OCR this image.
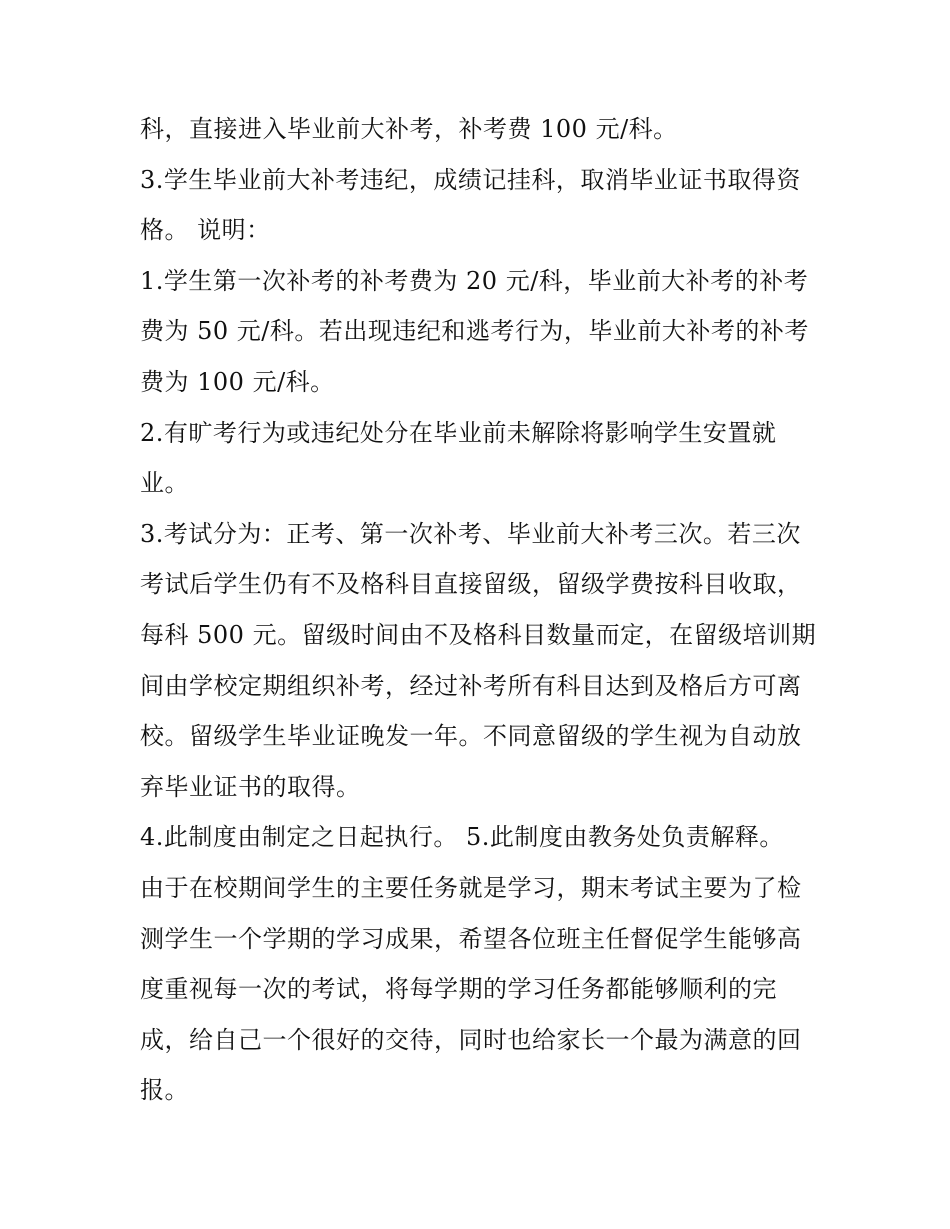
科，直接进入毕业前大补考，补考费 100 元/科。
3.学生毕业前大补考违纪，成绩记挂科，取消毕业证书取得资
格。 说明：
1.学生第一次补考的补考费为 20 元/科，毕业前大补考的补考
费为 50 元/科。若出现违纪和逃考行为，毕业前大补考的补考
费为 100 元/科。
2.有旷考行为或违纪处分在毕业前未解除将影响学生安置就
业。
3.考试分为：正考、第一次补考、毕业前大补考三次。若三次
考试后学生仍有不及格科目直接留级，留级学费按科目收取，
每科 500 元。留级时间由不及格科目数量而定，在留级培训期
间由学校定期组织补考，经过补考所有科目达到及格后方可离
校。留级学生毕业证晚发一年。不同意留级的学生视为自动放
弃毕业证书的取得。
4.此制度由制定之日起执行。 5.此制度由教务处负责解释。
由于在校期间学生的主要任务就是学习，期末考试主要为了检
测学生一个学期的学习成果，希望各位班主任督促学生能够高
度重视每一次的考试，将每学期的学习任务都能够顺利的完
成，给自己一个很好的交待，同时也给家长一个最为满意的回
报。
